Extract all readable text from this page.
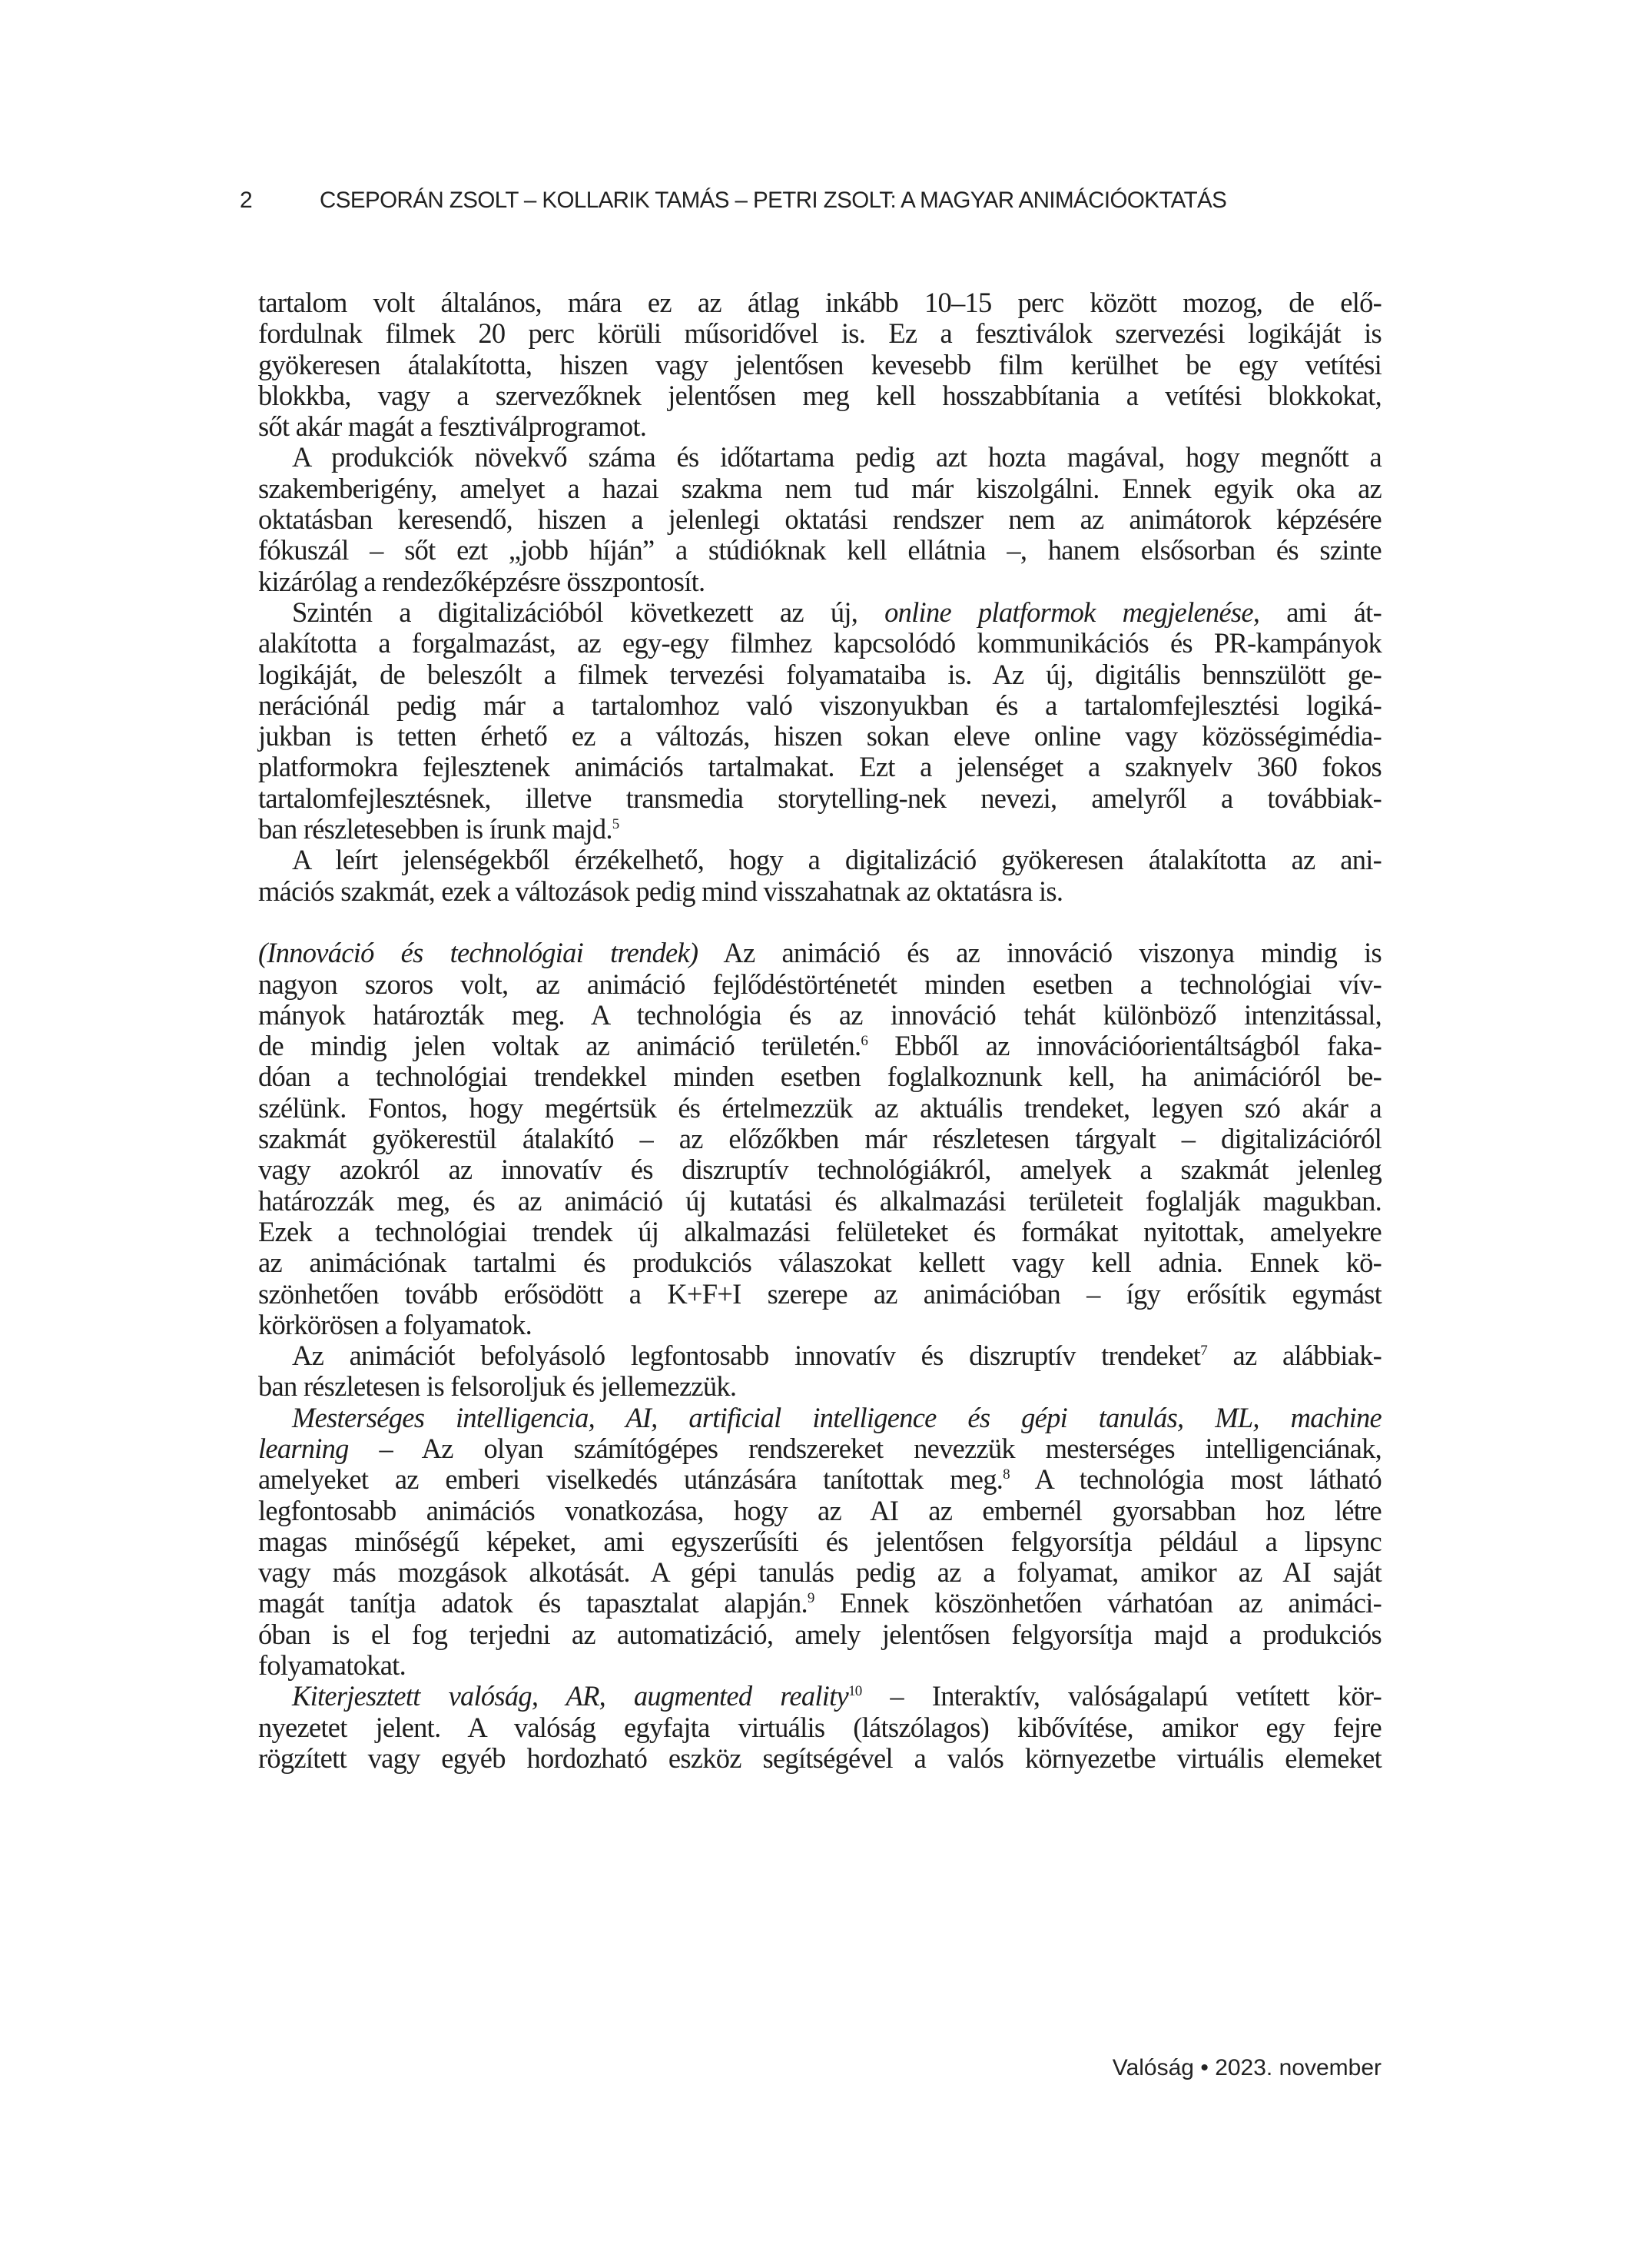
2	CSEPORÁN ZSOLT – KOLLARIK TAMÁS – PETRI ZSOLT: A MAGYAR ANIMÁCIÓOKTATÁS
tartalom volt általános, mára ez az átlag inkább 10–15 perc között mozog, de elő-
fordulnak filmek 20 perc körüli műsoridővel is. Ez a fesztiválok szervezési logikáját is
gyökeresen átalakította, hiszen vagy jelentősen kevesebb film kerülhet be egy vetítési
blokkba, vagy a szervezőknek jelentősen meg kell hosszabbítania a vetítési blokkokat,
sőt akár magát a fesztiválprogramot.
A produkciók növekvő száma és időtartama pedig azt hozta magával, hogy megnőtt a
szakemberigény, amelyet a hazai szakma nem tud már kiszolgálni. Ennek egyik oka az
oktatásban keresendő, hiszen a jelenlegi oktatási rendszer nem az animátorok képzésére
fókuszál – sőt ezt „jobb híján” a stúdióknak kell ellátnia –, hanem elsősorban és szinte
kizárólag a rendezőképzésre összpontosít.
Szintén a digitalizációból következett az új, online platformok megjelenése, ami át-
alakította a forgalmazást, az egy-egy filmhez kapcsolódó kommunikációs és PR-kampányok
logikáját, de beleszólt a filmek tervezési folyamataiba is. Az új, digitális bennszülött ge-
nerációnál pedig már a tartalomhoz való viszonyukban és a tartalomfejlesztési logiká-
jukban is tetten érhető ez a változás, hiszen sokan eleve online vagy közösségimédia-
platformokra fejlesztenek animációs tartalmakat. Ezt a jelenséget a szaknyelv 360 fokos
tartalomfejlesztésnek, illetve transmedia storytelling-nek nevezi, amelyről a továbbiak-
ban részletesebben is írunk majd.$^5$
A leírt jelenségekből érzékelhető, hogy a digitalizáció gyökeresen átalakította az ani-
mációs szakmát, ezek a változások pedig mind visszahatnak az oktatásra is.
(Innováció és technológiai trendek) Az animáció és az innováció viszonya mindig is
nagyon szoros volt, az animáció fejlődéstörténetét minden esetben a technológiai vív-
mányok határozták meg. A technológia és az innováció tehát különböző intenzitással,
de mindig jelen voltak az animáció területén.$^6$ Ebből az innovációorientáltságból faka-
dóan a technológiai trendekkel minden esetben foglalkoznunk kell, ha animációról be-
szélünk. Fontos, hogy megértsük és értelmezzük az aktuális trendeket, legyen szó akár a
szakmát gyökerestül átalakító – az előzőkben már részletesen tárgyalt – digitalizációról
vagy azokról az innovatív és diszruptív technológiákról, amelyek a szakmát jelenleg
határozzák meg, és az animáció új kutatási és alkalmazási területeit foglalják magukban.
Ezek a technológiai trendek új alkalmazási felületeket és formákat nyitottak, amelyekre
az animációnak tartalmi és produkciós válaszokat kellett vagy kell adnia. Ennek kö-
szönhetően tovább erősödött a K+F+I szerepe az animációban – így erősítik egymást
körkörösen a folyamatok.
Az animációt befolyásoló legfontosabb innovatív és diszruptív trendeket$^7$ az alábbiak-
ban részletesen is felsoroljuk és jellemezzük.
Mesterséges intelligencia, AI, artificial intelligence és gépi tanulás, ML, machine
learning – Az olyan számítógépes rendszereket nevezzük mesterséges intelligenciának,
amelyeket az emberi viselkedés utánzására tanítottak meg.$^8$ A technológia most látható
legfontosabb animációs vonatkozása, hogy az AI az embernél gyorsabban hoz létre
magas minőségű képeket, ami egyszerűsíti és jelentősen felgyorsítja például a lipsync
vagy más mozgások alkotását. A gépi tanulás pedig az a folyamat, amikor az AI saját
magát tanítja adatok és tapasztalat alapján.$^9$ Ennek köszönhetően várhatóan az animáci-
óban is el fog terjedni az automatizáció, amely jelentősen felgyorsítja majd a produkciós
folyamatokat.
Kiterjesztett valóság, AR, augmented reality$^{10}$ – Interaktív, valóságalapú vetített kör-
nyezetet jelent. A valóság egyfajta virtuális (látszólagos) kibővítése, amikor egy fejre
rögzített vagy egyéb hordozható eszköz segítségével a valós környezetbe virtuális elemeket
Valóság • 2023. november
